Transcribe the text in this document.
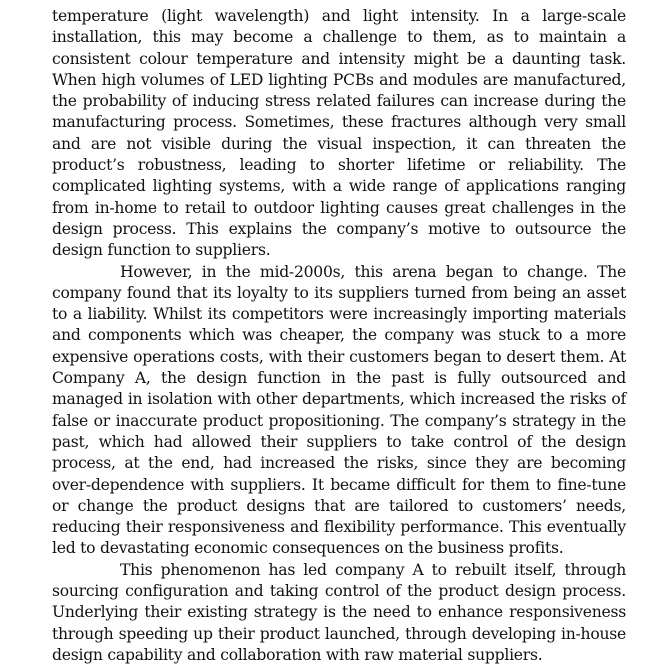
temperature (light wavelength) and light intensity. In a large-scale installation, this may become a challenge to them, as to maintain a consistent colour temperature and intensity might be a daunting task. When high volumes of LED lighting PCBs and modules are manufactured, the probability of inducing stress related failures can increase during the manufacturing process. Sometimes, these fractures although very small and are not visible during the visual inspection, it can threaten the product’s robustness, leading to shorter lifetime or reliability. The complicated lighting systems, with a wide range of applications ranging from in-home to retail to outdoor lighting causes great challenges in the design process. This explains the company’s motive to outsource the design function to suppliers.

However, in the mid-2000s, this arena began to change. The company found that its loyalty to its suppliers turned from being an asset to a liability. Whilst its competitors were increasingly importing materials and components which was cheaper, the company was stuck to a more expensive operations costs, with their customers began to desert them. At Company A, the design function in the past is fully outsourced and managed in isolation with other departments, which increased the risks of false or inaccurate product propositioning. The company’s strategy in the past, which had allowed their suppliers to take control of the design process, at the end, had increased the risks, since they are becoming over-dependence with suppliers. It became difficult for them to fine-tune or change the product designs that are tailored to customers’ needs, reducing their responsiveness and flexibility performance. This eventually led to devastating economic consequences on the business profits.

This phenomenon has led company A to rebuilt itself, through sourcing configuration and taking control of the product design process. Underlying their existing strategy is the need to enhance responsiveness through speeding up their product launched, through developing in-house design capability and collaboration with raw material suppliers.
